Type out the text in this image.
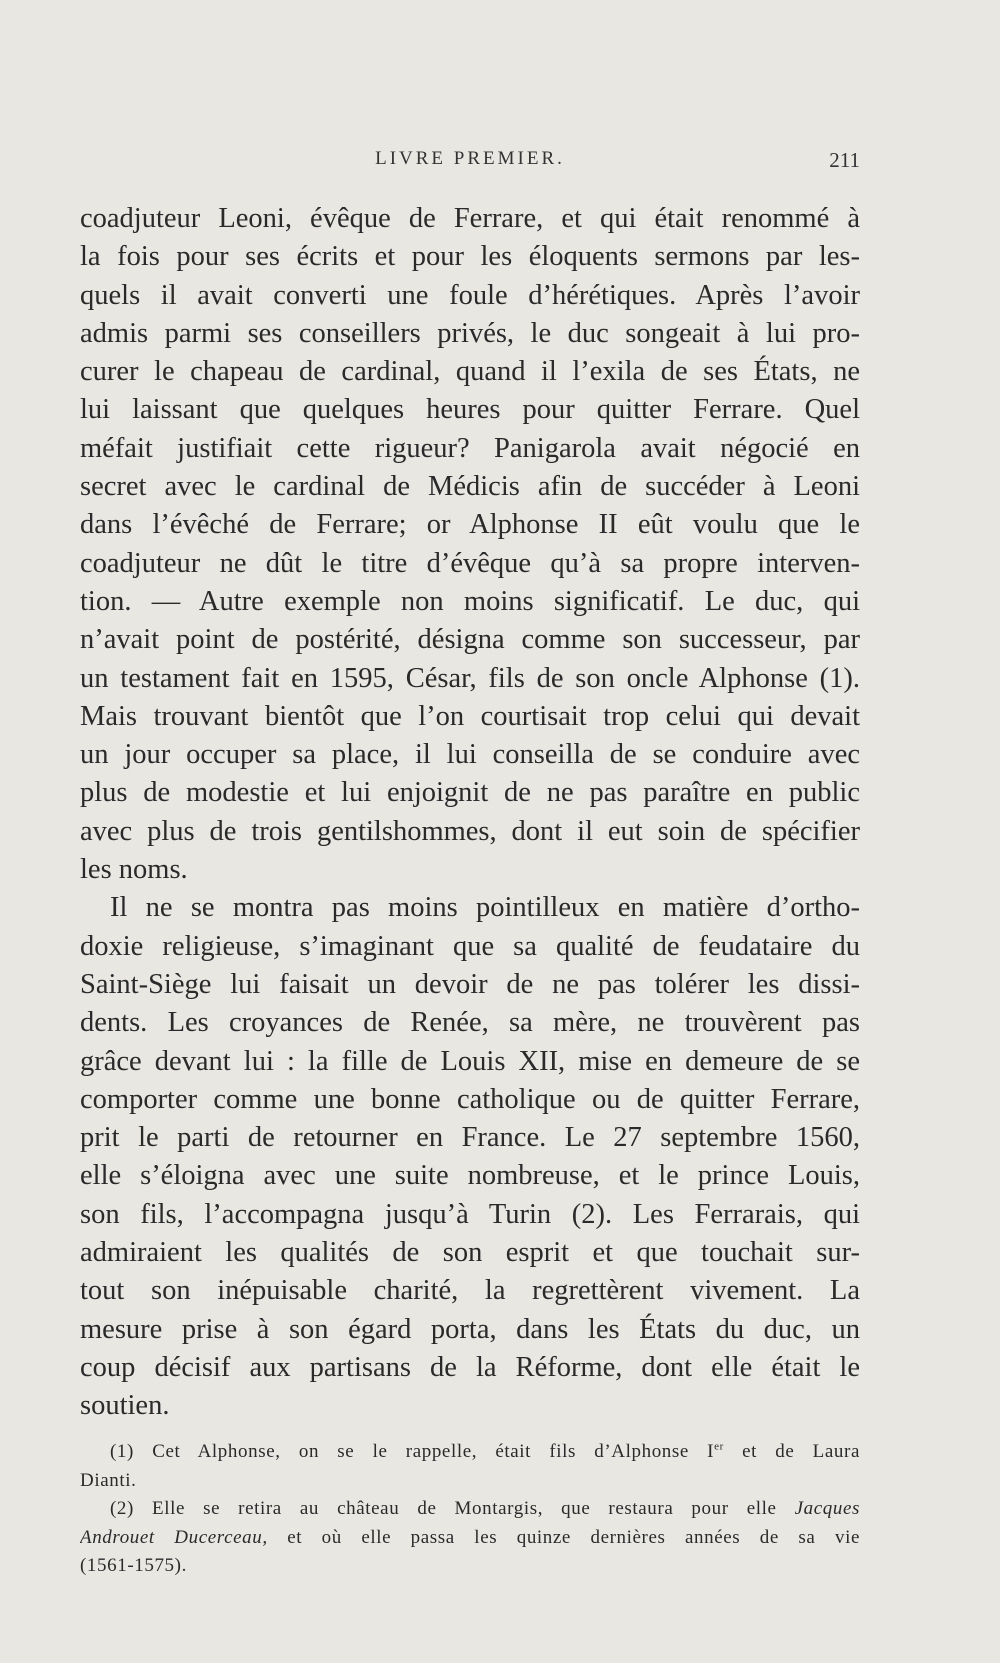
LIVRE PREMIER.	211
coadjuteur Leoni, évêque de Ferrare, et qui était renommé à
la fois pour ses écrits et pour les éloquents sermons par les-
quels il avait converti une foule d’hérétiques. Après l’avoir
admis parmi ses conseillers privés, le duc songeait à lui pro-
curer le chapeau de cardinal, quand il l’exila de ses États, ne
lui laissant que quelques heures pour quitter Ferrare. Quel
méfait justifiait cette rigueur? Panigarola avait négocié en
secret avec le cardinal de Médicis afin de succéder à Leoni
dans l’évêché de Ferrare; or Alphonse II eût voulu que le
coadjuteur ne dût le titre d’évêque qu’à sa propre interven-
tion. — Autre exemple non moins significatif. Le duc, qui
n’avait point de postérité, désigna comme son successeur, par
un testament fait en 1595, César, fils de son oncle Alphonse (1).
Mais trouvant bientôt que l’on courtisait trop celui qui devait
un jour occuper sa place, il lui conseilla de se conduire avec
plus de modestie et lui enjoignit de ne pas paraître en public
avec plus de trois gentilshommes, dont il eut soin de spécifier
les noms.
Il ne se montra pas moins pointilleux en matière d’ortho-
doxie religieuse, s’imaginant que sa qualité de feudataire du
Saint-Siège lui faisait un devoir de ne pas tolérer les dissi-
dents. Les croyances de Renée, sa mère, ne trouvèrent pas
grâce devant lui : la fille de Louis XII, mise en demeure de se
comporter comme une bonne catholique ou de quitter Ferrare,
prit le parti de retourner en France. Le 27 septembre 1560,
elle s’éloigna avec une suite nombreuse, et le prince Louis,
son fils, l’accompagna jusqu’à Turin (2). Les Ferrarais, qui
admiraient les qualités de son esprit et que touchait sur-
tout son inépuisable charité, la regrettèrent vivement. La
mesure prise à son égard porta, dans les États du duc, un
coup décisif aux partisans de la Réforme, dont elle était le
soutien.
(1) Cet Alphonse, on se le rappelle, était fils d’Alphonse Ier et de Laura
Dianti.
(2) Elle se retira au château de Montargis, que restaura pour elle Jacques
Androuet Ducerceau, et où elle passa les quinze dernières années de sa vie
(1561-1575).
